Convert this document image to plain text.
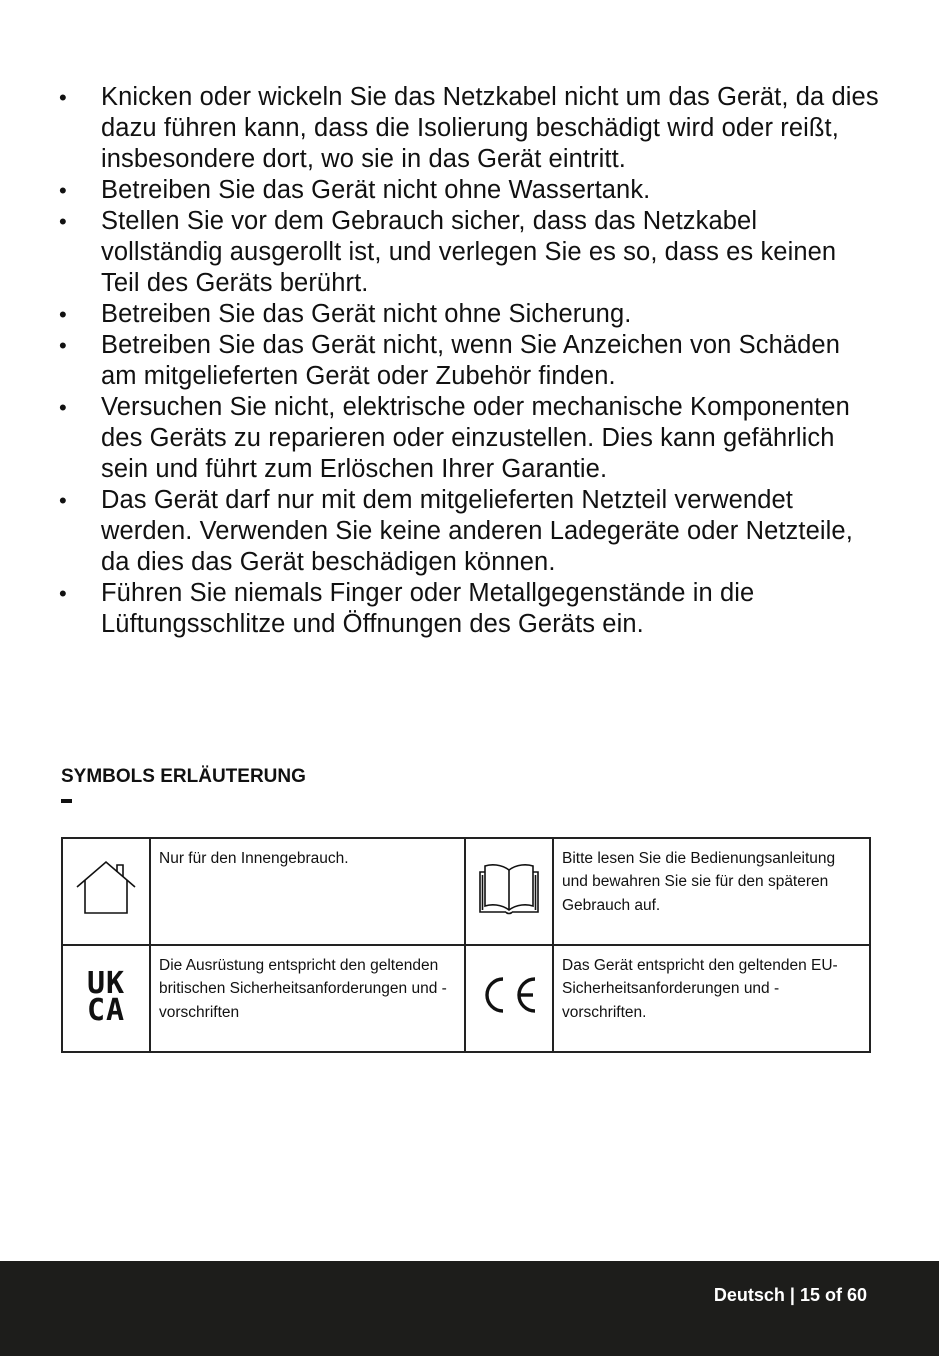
• Knicken oder wickeln Sie das Netzkabel nicht um das Gerät, da dies dazu führen kann, dass die Isolierung beschädigt wird oder reißt, insbesondere dort, wo sie in das Gerät eintritt.
• Betreiben Sie das Gerät nicht ohne Wassertank.
• Stellen Sie vor dem Gebrauch sicher, dass das Netzkabel vollständig ausgerollt ist, und verlegen Sie es so, dass es keinen Teil des Geräts berührt.
• Betreiben Sie das Gerät nicht ohne Sicherung.
• Betreiben Sie das Gerät nicht, wenn Sie Anzeichen von Schäden am mitgelieferten Gerät oder Zubehör finden.
• Versuchen Sie nicht, elektrische oder mechanische Komponenten des Geräts zu reparieren oder einzustellen. Dies kann gefährlich sein und führt zum Erlöschen Ihrer Garantie.
• Das Gerät darf nur mit dem mitgelieferten Netzteil verwendet werden. Verwenden Sie keine anderen Ladegeräte oder Netzteile, da dies das Gerät beschädigen können.
• Führen Sie niemals Finger oder Metallgegenstände in die Lüftungsschlitze und Öffnungen des Geräts ein.
SYMBOLS ERLÄUTERUNG
	Nur für den Innengebrauch.		Bitte lesen Sie die Bedienungsanleitung und bewahren Sie sie für den späteren Gebrauch auf.
UK
CA	Die Ausrüstung entspricht den geltenden britischen Sicherheitsanforderungen und -vorschriften		Das Gerät entspricht den geltenden EU-Sicherheitsanforderungen und -vorschriften.
Deutsch | 15 of 60
